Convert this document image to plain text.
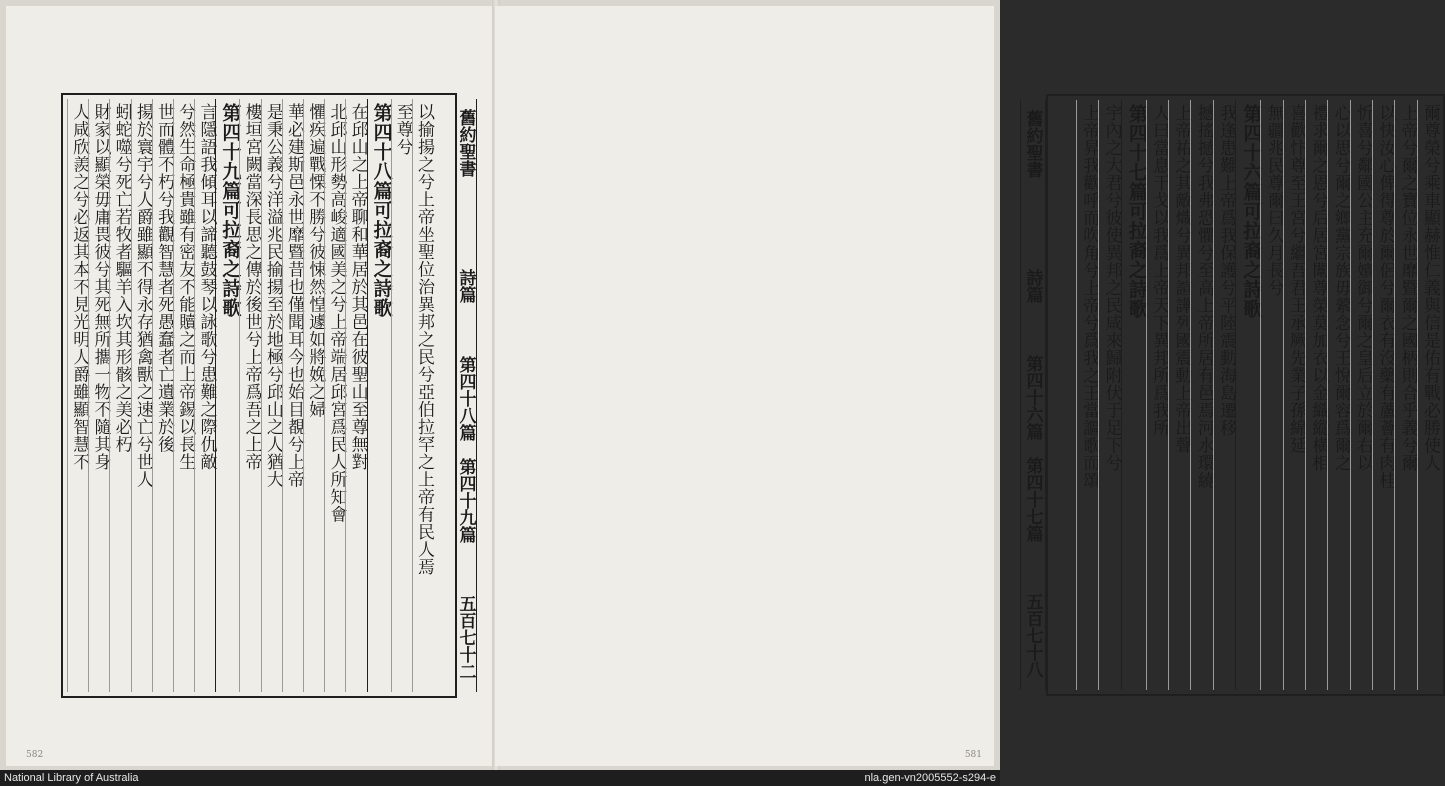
以揄揚之兮上帝坐聖位治異邦之民兮亞伯拉罕之上帝有民人焉
至尊兮
第四十八篇可拉裔之詩歌
在邱山之上帝聊和華居於其邑在彼聖山至尊無對
北邱山形勢高峻適國美之兮上帝端居邱宮爲民人所知會
懼疾遍戰慄不勝兮彼悚然惶遽如將娩之婦
華必建斯邑永世靡暨昔也僅聞耳今也始目覩兮上帝
是秉公義兮洋溢兆民揄揚至於地極兮邱山之人猶大
樓垣宮闕當深長思之傳於後世兮上帝爲吾之上帝
第四十九篇可拉裔之詩歌
言隱語我傾耳以諦聽鼓琴以詠歌兮患難之際仇敵
兮然生命極貴雖有密友不能贖之而上帝錫以長生
世而體不朽兮我觀智慧者死愚蠢者亡遺業於後
揚於寰宇兮人爵雖顯不得永存猶禽獸之速亡兮世人
蚓蛇噬兮死亡若牧者驅羊入坎其形骸之美必朽
財家以顯榮毋庸畏彼兮其死無所攜一物不隨其身
人咸欣羨之兮必返其本不見光明人爵雖顯智慧不	舊約聖書
詩篇
第四十八篇　第四十九篇
五百七十二
582
舊約聖書
詩篇
第四十六篇　第四十七篇
五百七十八
爾尊榮兮乘車顯赫惟仁義與信是佑有戰必勝使人
上帝兮爾之寶位永世靡暨爾之國柄則合乎義兮爾
以快汝心俾得尊於爾侶兮爾衣有沒藥有蘆薈有肉桂
忻喜兮鄰國公主充爾嬪御兮爾之皇后立於爾右以
心以思兮爾之鄉黨宗族毋縈念兮王悅爾容爲爾之
禮求爾之恩兮后居宮闈尊榮莫加衣以金織縱橫相
喜歡忭尊至王宮兮繼吾君王承厥先業子孫綿延
無疆兆民尊爾曰久月長兮
第四十六篇可拉裔之詩歌
我逢患難上帝爲我保護兮平陸震動海島遷移
撼搖撼兮我弗恐懼兮至高上帝所居有邑焉河水環繞
上帝祐之其敵熾兮異邦諠譁列國震動上帝出聲
人曰當息干戈以我爲上帝天下異邦所爲我所
第四十七篇可拉裔之詩歌
宇內之大君兮彼使異邦之民咸來歸附伏于足下兮
上帝昇我歡呼而吹角兮上帝兮爲我之王當謳歌而頌
581
National Library of Australia	nla.gen-vn2005552-s294-e
